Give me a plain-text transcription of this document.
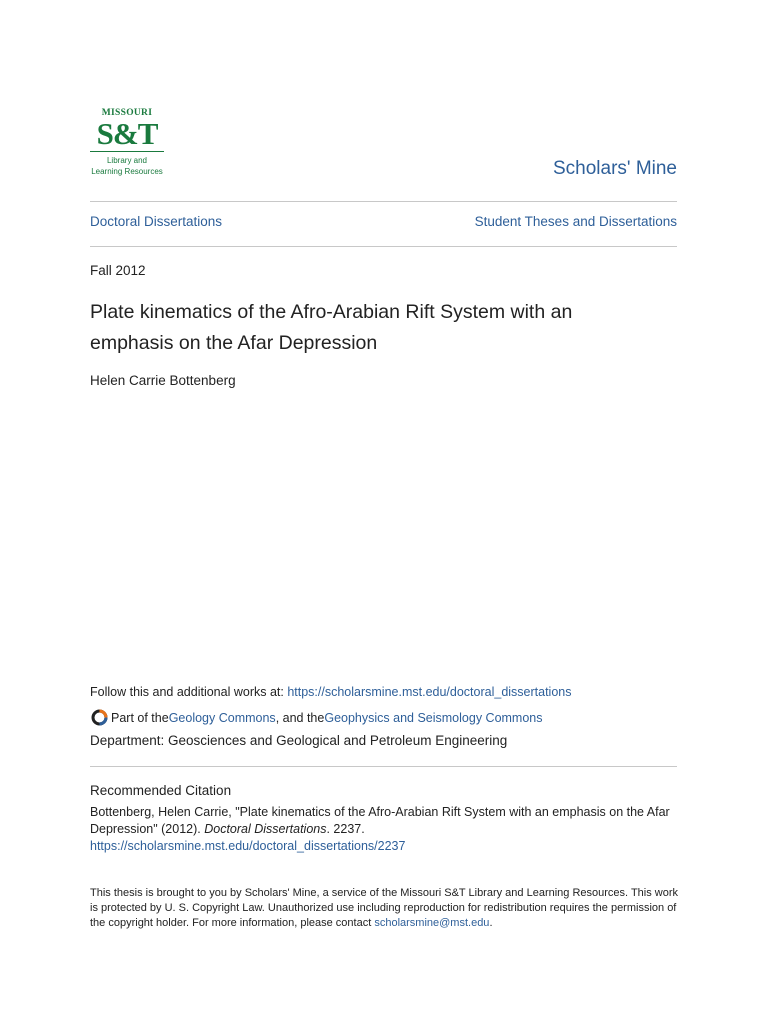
MISSOURI
S&T
Library and
Learning Resources	Scholars' Mine
Doctoral Dissertations	Student Theses and Dissertations
Fall 2012
Plate kinematics of the Afro-Arabian Rift System with an emphasis on the Afar Depression
Helen Carrie Bottenberg
Follow this and additional works at: https://scholarsmine.mst.edu/doctoral_dissertations
Part of the Geology Commons , and the Geophysics and Seismology Commons
Department: Geosciences and Geological and Petroleum Engineering
Recommended Citation
Bottenberg, Helen Carrie, "Plate kinematics of the Afro-Arabian Rift System with an emphasis on the Afar Depression" (2012). Doctoral Dissertations. 2237.
https://scholarsmine.mst.edu/doctoral_dissertations/2237
This thesis is brought to you by Scholars' Mine, a service of the Missouri S&T Library and Learning Resources. This work is protected by U. S. Copyright Law. Unauthorized use including reproduction for redistribution requires the permission of the copyright holder. For more information, please contact scholarsmine@mst.edu.
